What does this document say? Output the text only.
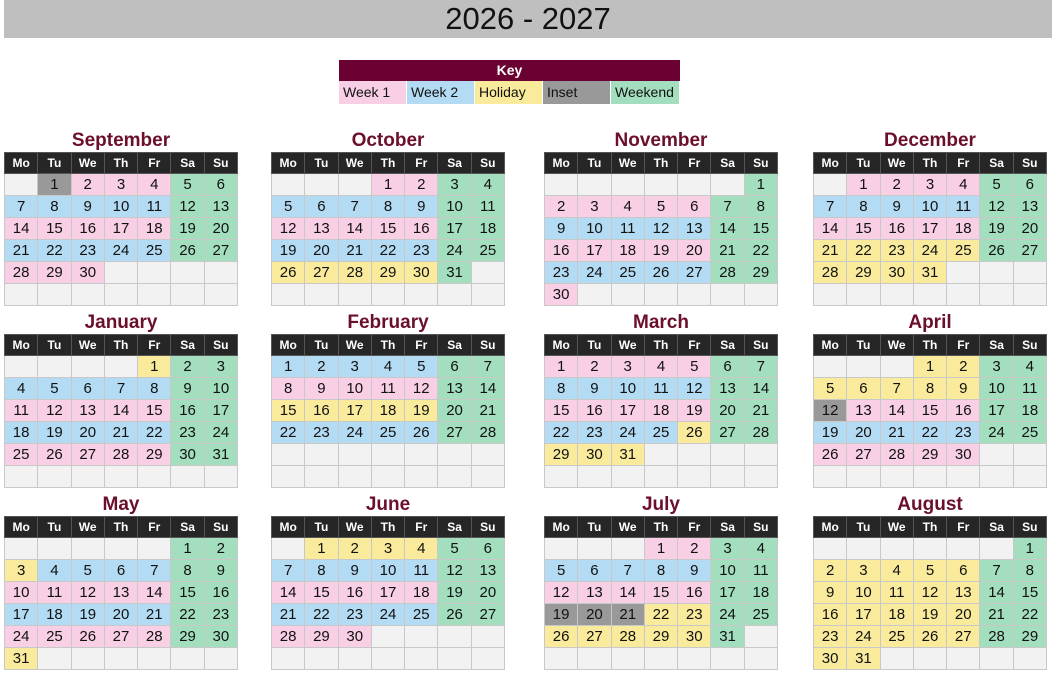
2026 - 2027
Key
Week 1	Week 2	Holiday	Inset	Weekend
September
Mo	Tu	We	Th	Fr	Sa	Su
	1	2	3	4	5	6
7	8	9	10	11	12	13
14	15	16	17	18	19	20
21	22	23	24	25	26	27
28	29	30				

October
Mo	Tu	We	Th	Fr	Sa	Su
			1	2	3	4
5	6	7	8	9	10	11
12	13	14	15	16	17	18
19	20	21	22	23	24	25
26	27	28	29	30	31	

November
Mo	Tu	We	Th	Fr	Sa	Su
						1
2	3	4	5	6	7	8
9	10	11	12	13	14	15
16	17	18	19	20	21	22
23	24	25	26	27	28	29
30						
December
Mo	Tu	We	Th	Fr	Sa	Su
	1	2	3	4	5	6
7	8	9	10	11	12	13
14	15	16	17	18	19	20
21	22	23	24	25	26	27
28	29	30	31			

January
Mo	Tu	We	Th	Fr	Sa	Su
				1	2	3
4	5	6	7	8	9	10
11	12	13	14	15	16	17
18	19	20	21	22	23	24
25	26	27	28	29	30	31

February
Mo	Tu	We	Th	Fr	Sa	Su
1	2	3	4	5	6	7
8	9	10	11	12	13	14
15	16	17	18	19	20	21
22	23	24	25	26	27	28

March
Mo	Tu	We	Th	Fr	Sa	Su
1	2	3	4	5	6	7
8	9	10	11	12	13	14
15	16	17	18	19	20	21
22	23	24	25	26	27	28
29	30	31				

April
Mo	Tu	We	Th	Fr	Sa	Su
			1	2	3	4
5	6	7	8	9	10	11
12	13	14	15	16	17	18
19	20	21	22	23	24	25
26	27	28	29	30		

May
Mo	Tu	We	Th	Fr	Sa	Su
					1	2
3	4	5	6	7	8	9
10	11	12	13	14	15	16
17	18	19	20	21	22	23
24	25	26	27	28	29	30
31						
June
Mo	Tu	We	Th	Fr	Sa	Su
	1	2	3	4	5	6
7	8	9	10	11	12	13
14	15	16	17	18	19	20
21	22	23	24	25	26	27
28	29	30				

July
Mo	Tu	We	Th	Fr	Sa	Su
			1	2	3	4
5	6	7	8	9	10	11
12	13	14	15	16	17	18
19	20	21	22	23	24	25
26	27	28	29	30	31	

August
Mo	Tu	We	Th	Fr	Sa	Su
						1
2	3	4	5	6	7	8
9	10	11	12	13	14	15
16	17	18	19	20	21	22
23	24	25	26	27	28	29
30	31					
